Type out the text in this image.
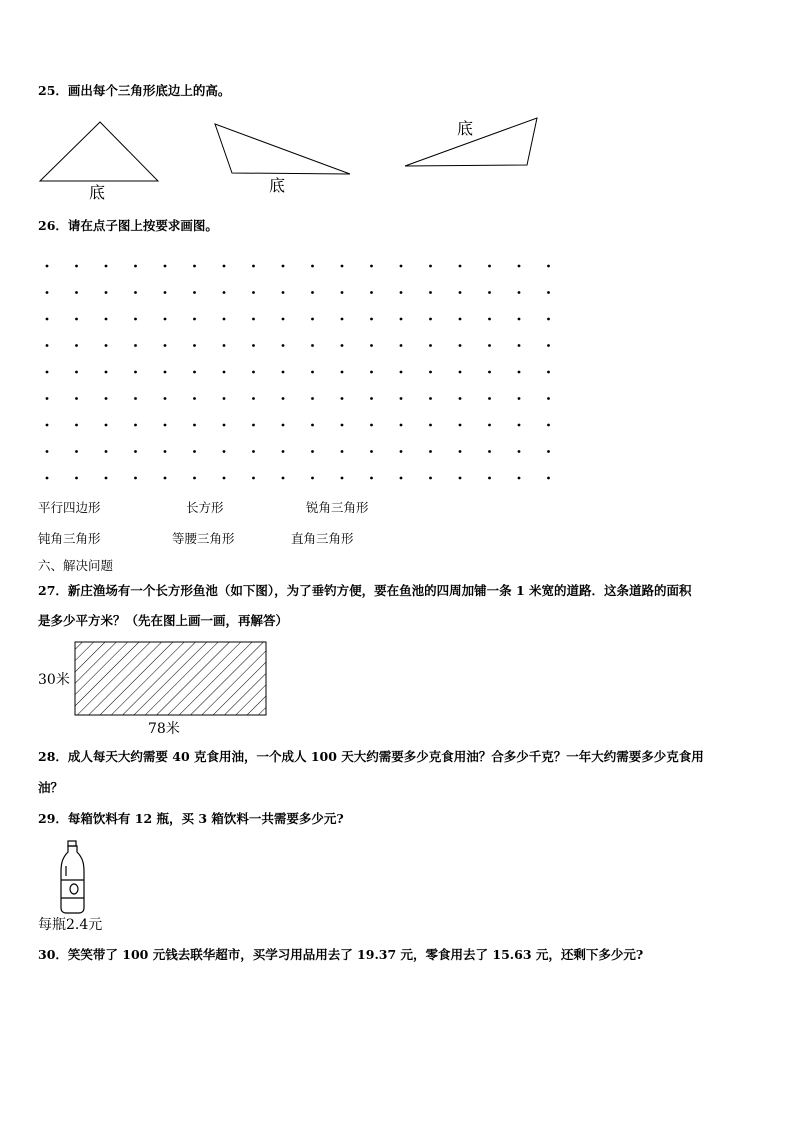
25．画出每个三角形底边上的高。

底	底
底

26．请在点子图上按要求画图。

平行四边形	长方形	锐角三角形
钝角三角形	等腰三角形	直角三角形
六、解决问题

27．新庄渔场有一个长方形鱼池（如下图），为了垂钓方便，要在鱼池的四周加铺一条 1 米宽的道路．这条道路的面积

是多少平方米？（先在图上画一画，再解答）

30米
78米

28．成人每天大约需要 40 克食用油，一个成人 100 天大约需要多少克食用油？合多少千克？一年大约需要多少克食用

油？

29．每箱饮料有 12 瓶，买 3 箱饮料一共需要多少元?

每瓶2.4元

30．笑笑带了 100 元钱去联华超市，买学习用品用去了 19.37 元，零食用去了 15.63 元，还剩下多少元?
